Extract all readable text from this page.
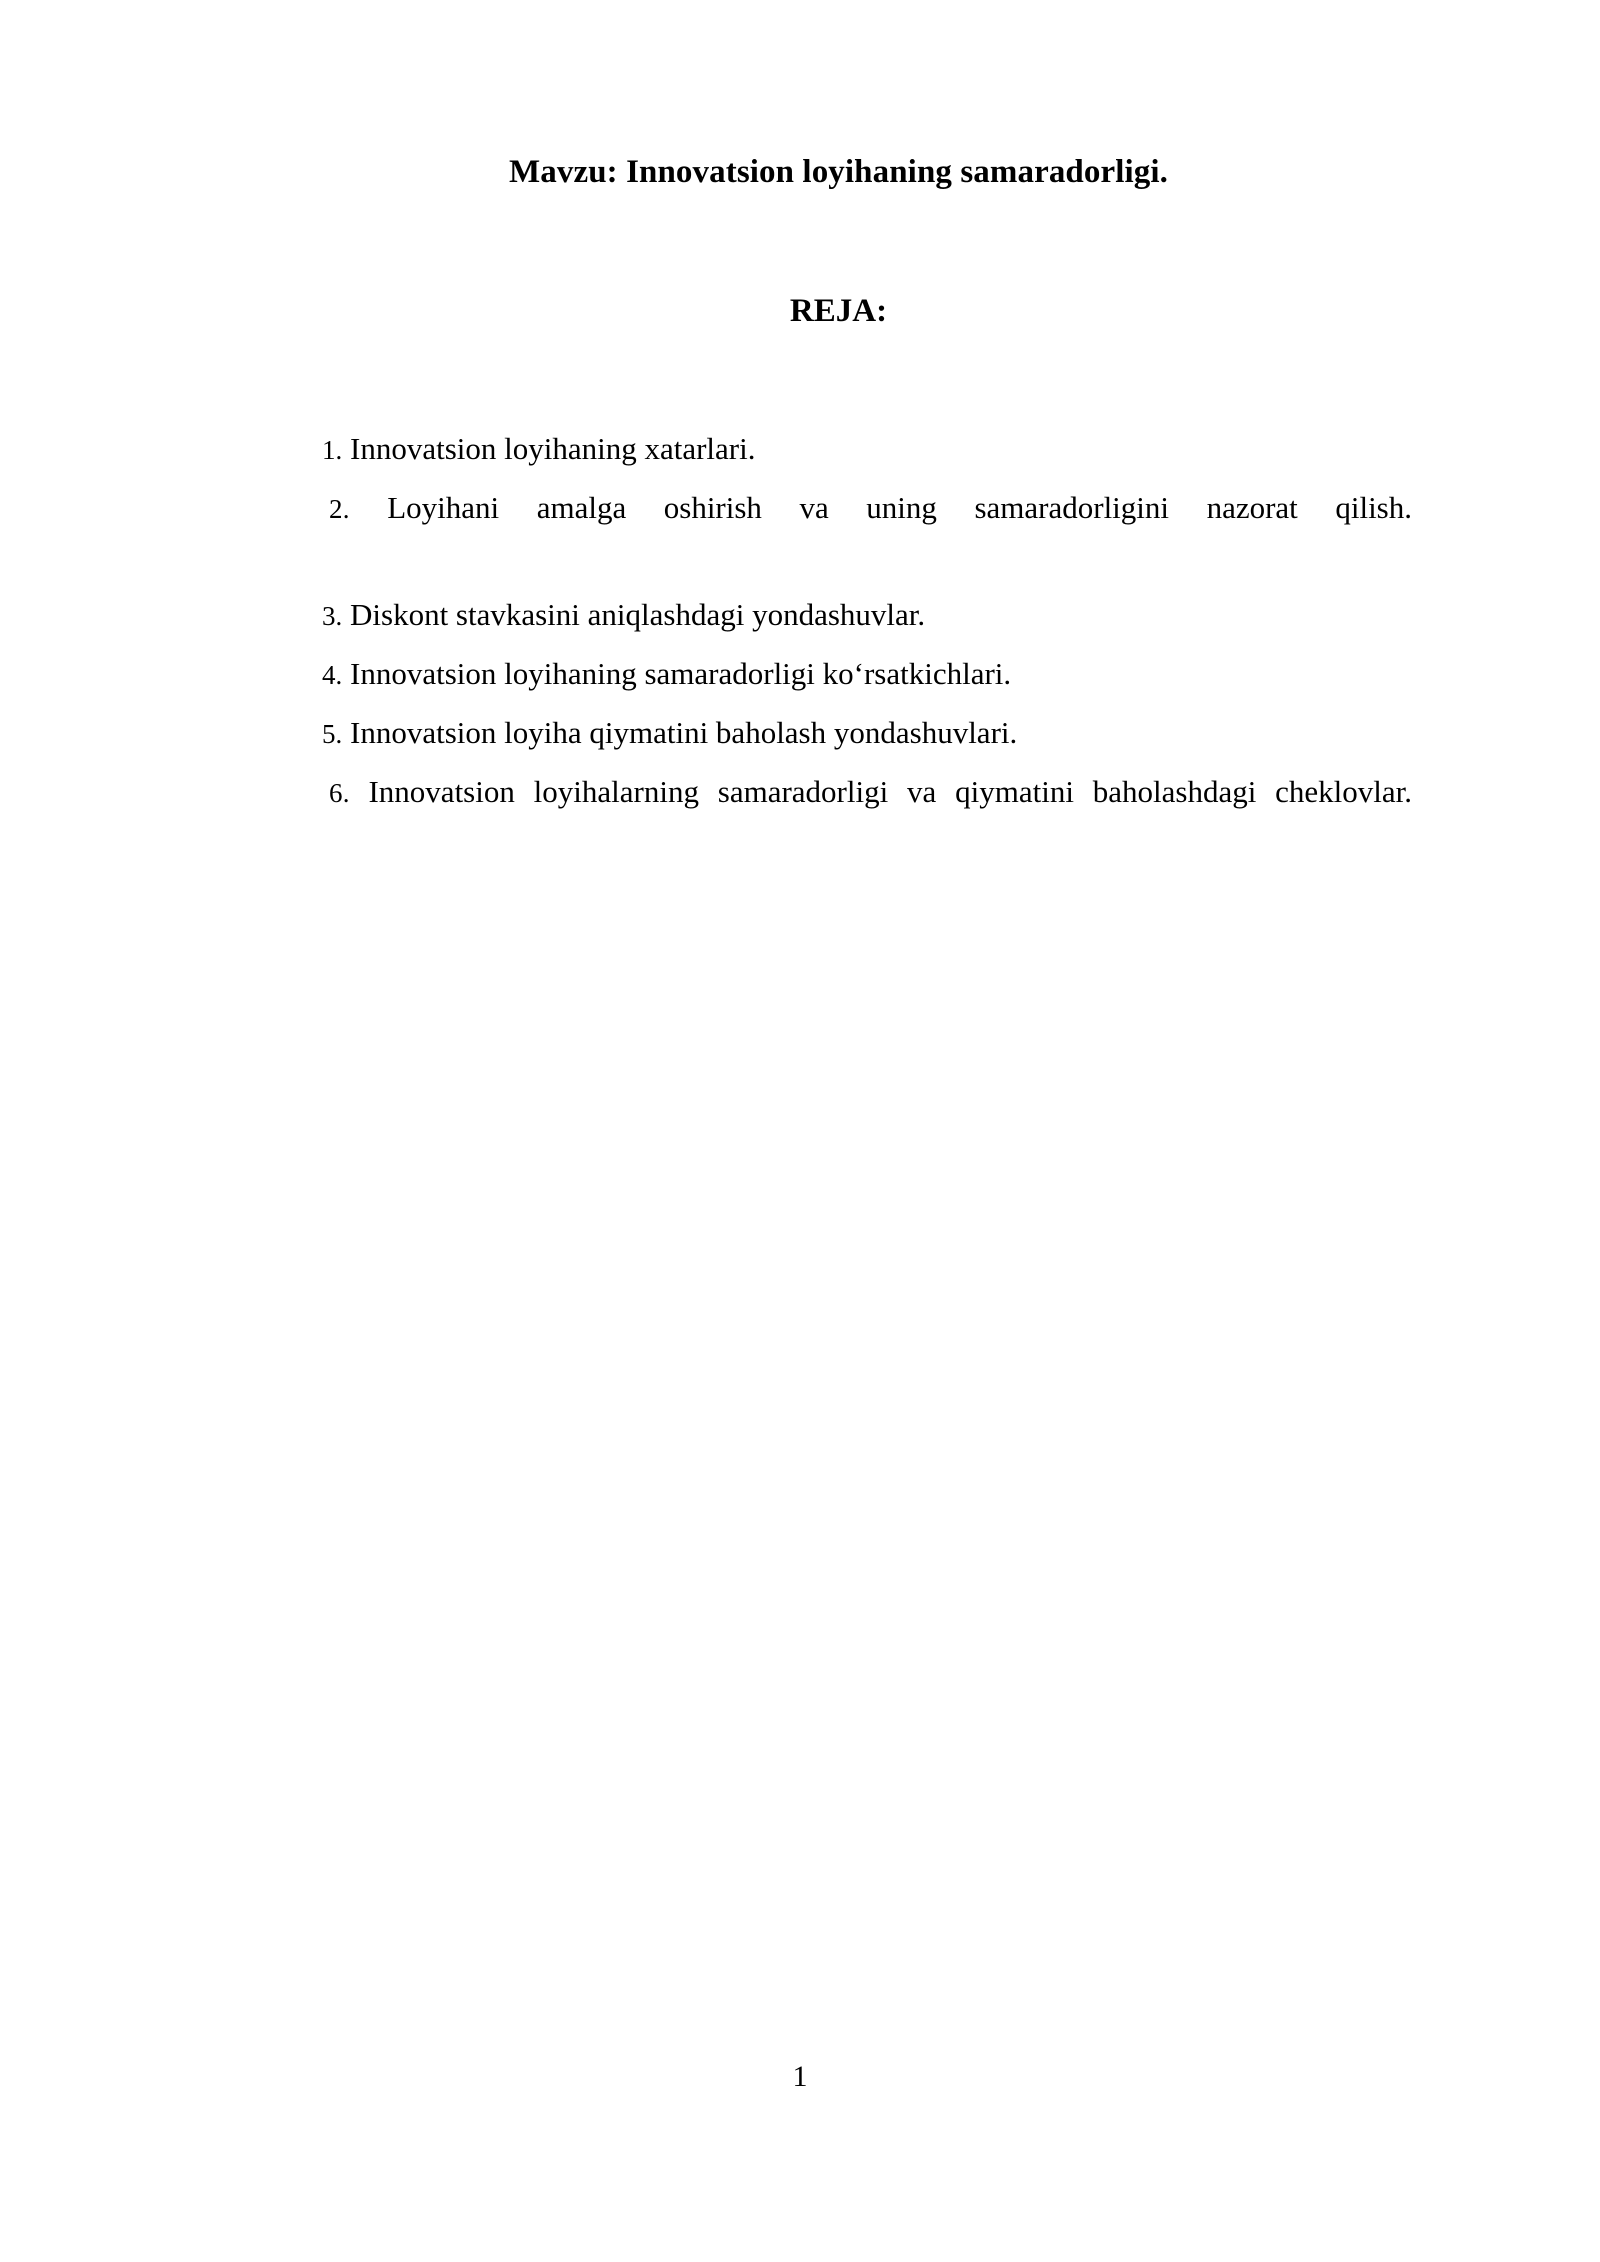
Mavzu: Innovatsion loyihaning samaradorligi.
REJA:
1. Innovatsion loyihaning xatarlari.
2. Loyihani amalga oshirish va uning samaradorligini nazorat qilish.
3. Diskont stavkasini aniqlashdagi yondashuvlar.
4. Innovatsion loyihaning samaradorligi koʻrsatkichlari.
5. Innovatsion loyiha qiymatini baholash yondashuvlari.
6. Innovatsion loyihalarning samaradorligi va qiymatini baholashdagi cheklovlar.
1
